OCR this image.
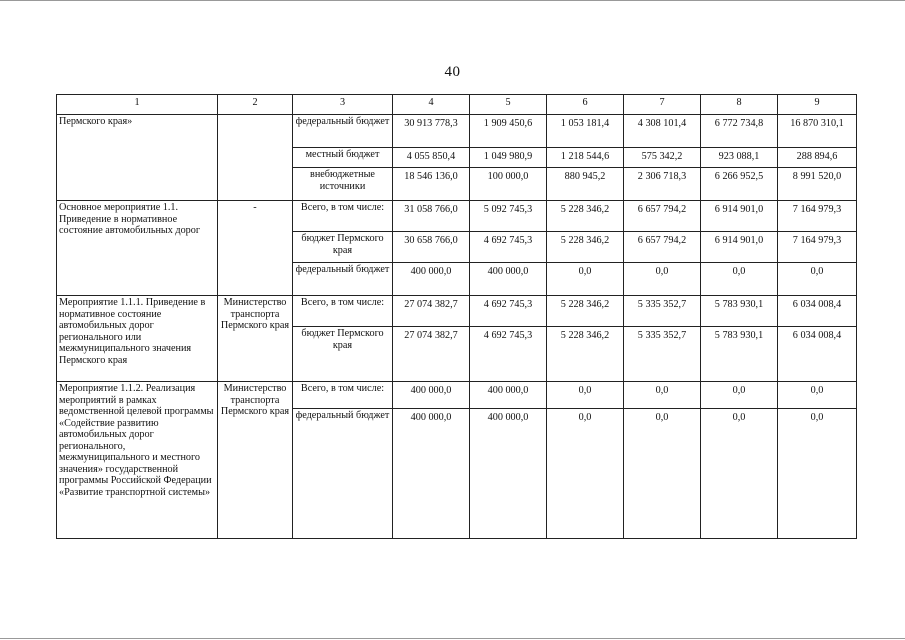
40
1	2	3	4	5	6	7	8	9
Пермского края»		федеральный бюджет	30 913 778,3	1 909 450,6	1 053 181,4	4 308 101,4	6 772 734,8	16 870 310,1
		местный бюджет	4 055 850,4	1 049 980,9	1 218 544,6	575 342,2	923 088,1	288 894,6
		внебюджетные источники	18 546 136,0	100 000,0	880 945,2	2 306 718,3	6 266 952,5	8 991 520,0
Основное мероприятие 1.1. Приведение в нормативное состояние автомобильных дорог	-	Всего, в том числе:	31 058 766,0	5 092 745,3	5 228 346,2	6 657 794,2	6 914 901,0	7 164 979,3
		бюджет Пермского края	30 658 766,0	4 692 745,3	5 228 346,2	6 657 794,2	6 914 901,0	7 164 979,3
		федеральный бюджет	400 000,0	400 000,0	0,0	0,0	0,0	0,0
Мероприятие 1.1.1. Приведение в нормативное состояние автомобильных дорог регионального или межмуниципального значения Пермского края	Министерство транспорта Пермского края	Всего, в том числе:	27 074 382,7	4 692 745,3	5 228 346,2	5 335 352,7	5 783 930,1	6 034 008,4
		бюджет Пермского края	27 074 382,7	4 692 745,3	5 228 346,2	5 335 352,7	5 783 930,1	6 034 008,4
Мероприятие 1.1.2. Реализация мероприятий в рамках ведомственной целевой программы «Содействие развитию автомобильных дорог регионального, межмуниципального и местного значения» государственной программы Российской Федерации «Развитие транспортной системы»	Министерство транспорта Пермского края	Всего, в том числе:	400 000,0	400 000,0	0,0	0,0	0,0	0,0
		федеральный бюджет	400 000,0	400 000,0	0,0	0,0	0,0	0,0
